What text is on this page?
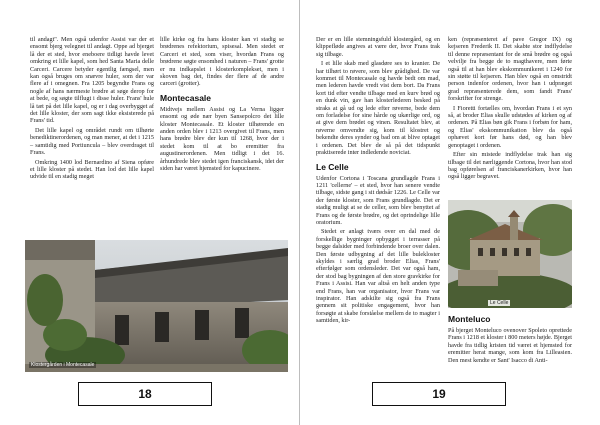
til andagt". Men også udenfor Assisi var der et ensomt bjerg velegnet til andagt. Oppe ad bjerget lå der et sted, hvor eneboere tidligt havde levet omkring et lille kapel, som hed Santa Maria delle Carceri. Carcere betyder egentlig fængsel, men kan også bruges om snævre huler, som der var flere af i omegnen. Fra 1205 begyndte Frans og nogle af hans nærmeste brødre at søge derop for at bede, og søgte tilflugt i disse huler. Frans' hule lå tæt på det lille kapel, og er i dag overbygget af det lille kloster, der som sagt ikke eksisterede på Frans' tid.

Det lille kapel og området rundt om tilhørte benediktinerordenen, og man mener, at det i 1215 – samtidig med Portiuncula – blev overdraget til Frans.

Omkring 1400 lod Bernardino af Siena opføre et lille kloster på stedet. Han lod det lille kapel udvide til en stadig meget

lille kirke og fra hans kloster kan vi stadig se brødrenes refektorium, spisesal. Men stedet er Carceri et sted, som viser, hvordan Frans og brødrene søgte ensomhed i naturen – Frans' grotte er nu indkapslet i klosterkomplekset, men i skoven bag det, findes der flere af de andre carceri (grotter).

Montecasale

Midtvejs mellem Assisi og La Verna ligger ensomt og øde nær byen Sansepolcro det lille kloster Montecasale. Et kloster tilhørende en anden orden blev i 1213 overgivet til Frans, men hans brødre blev der kun til 1268, hvor der i stedet kom til at bo eremitter fra augustinerordenen. Men tidligt i det 16. århundrede blev stedet igen franciskansk, idet der siden har været hjemsted for kapucinere.

Klostergården i Montecasale
18

Der er en lille stemningsfuld klostergård, og en klippefløde angives at være der, hvor Frans trak sig tilbage.

I et lille skab med glasdøre ses to kranier. De har tilhørt to røvere, som blev grådighed. De var kommet til Montecasale og havde bedt om mad, men lederen havde vredt vist dem bort. Da Frans kort tid efter vendte tilbage med en kurv brød og en dunk vin, gav han klosterlederen besked på straks at gå ud og lede efter røverne, bede dem om forladelse for sine hårde og ukærlige ord, og at give dem brødet og vinen. Resultatet blev, at røverne omvendte sig, kom til klostret og bekendte deres synder og bad om at blive optaget i ordenen. Det blev de så på det tidspunkt praktiserede inter indledende noviciat.

Le Celle

Udenfor Cortona i Toscana grundlagde Frans i 1211 'cellerne' – et sted, hvor han senere vendte tilbage, sidste gang i sit dødsår 1226. Le Celle var der første kloster, som Frans grundlagde. Det er stadig muligt at se de celler, som blev benyttet af Frans og de første brødre, og det oprindelige lille oratorium.

Stedet er anlagt tværs over en dal med de forskellige bygninger opbygget i terrasser på begge dalsider med forbindende broer over dalen. Den første udbygning af det lille bulekloster skyldes i særlig grad broder Elias, Frans' efterfølger som ordensleder. Det var også ham, der stod bag bygningen af den store gravkirke for Frans i Assisi. Han var altså en helt anden type end Frans, han var organisator, hvor Frans var inspirator. Han adskilte sig også fra Frans gennem sit politiske engagement, hvor han forsøgte at skabe forståelse mellem de to magter i samtiden, kir-

ken (repræsenteret af pave Gregor IX) og kejseren Frederik II. Det skabte stor indflydelse til denne repræsentant for de små brødre og også velvilje fra begge de to magthavere, men førte også til at han blev ekskommunikeret i 1240 for sin støtte til kejseren. Han blev også en omstridt person indenfor ordenen, hvor han i udpræget grad repræsenterede dem, som fandt Frans' forskrifter for strenge.

I Fioretti fortælles om, hvordan Frans i et syn så, at broder Elias skulle udstødes af kirken og af ordenen. På Elias bøn gik Frans i forbøn for ham, og Elias' ekskommunikation blev da også ophævet kort før hans død, og han blev genoptaget i ordenen.

Efter sin mistede indflydelse trak han sig tilbage til det nærliggende Cortona, hvor han stod bag opførelsen af franciskanerkirken, hvor han også ligger begravet.

Le Celle
Monteluco

På bjerget Monteluco ovenover Spoleto oprettede Frans i 1218 et kloster i 800 meters højde. Bjerget havde fra tidlig kristen tid været et hjemsted for eremitter herat mange, som kom fra Lilleasien. Den mest kendte er Sant' Isacco di Anti-

19
